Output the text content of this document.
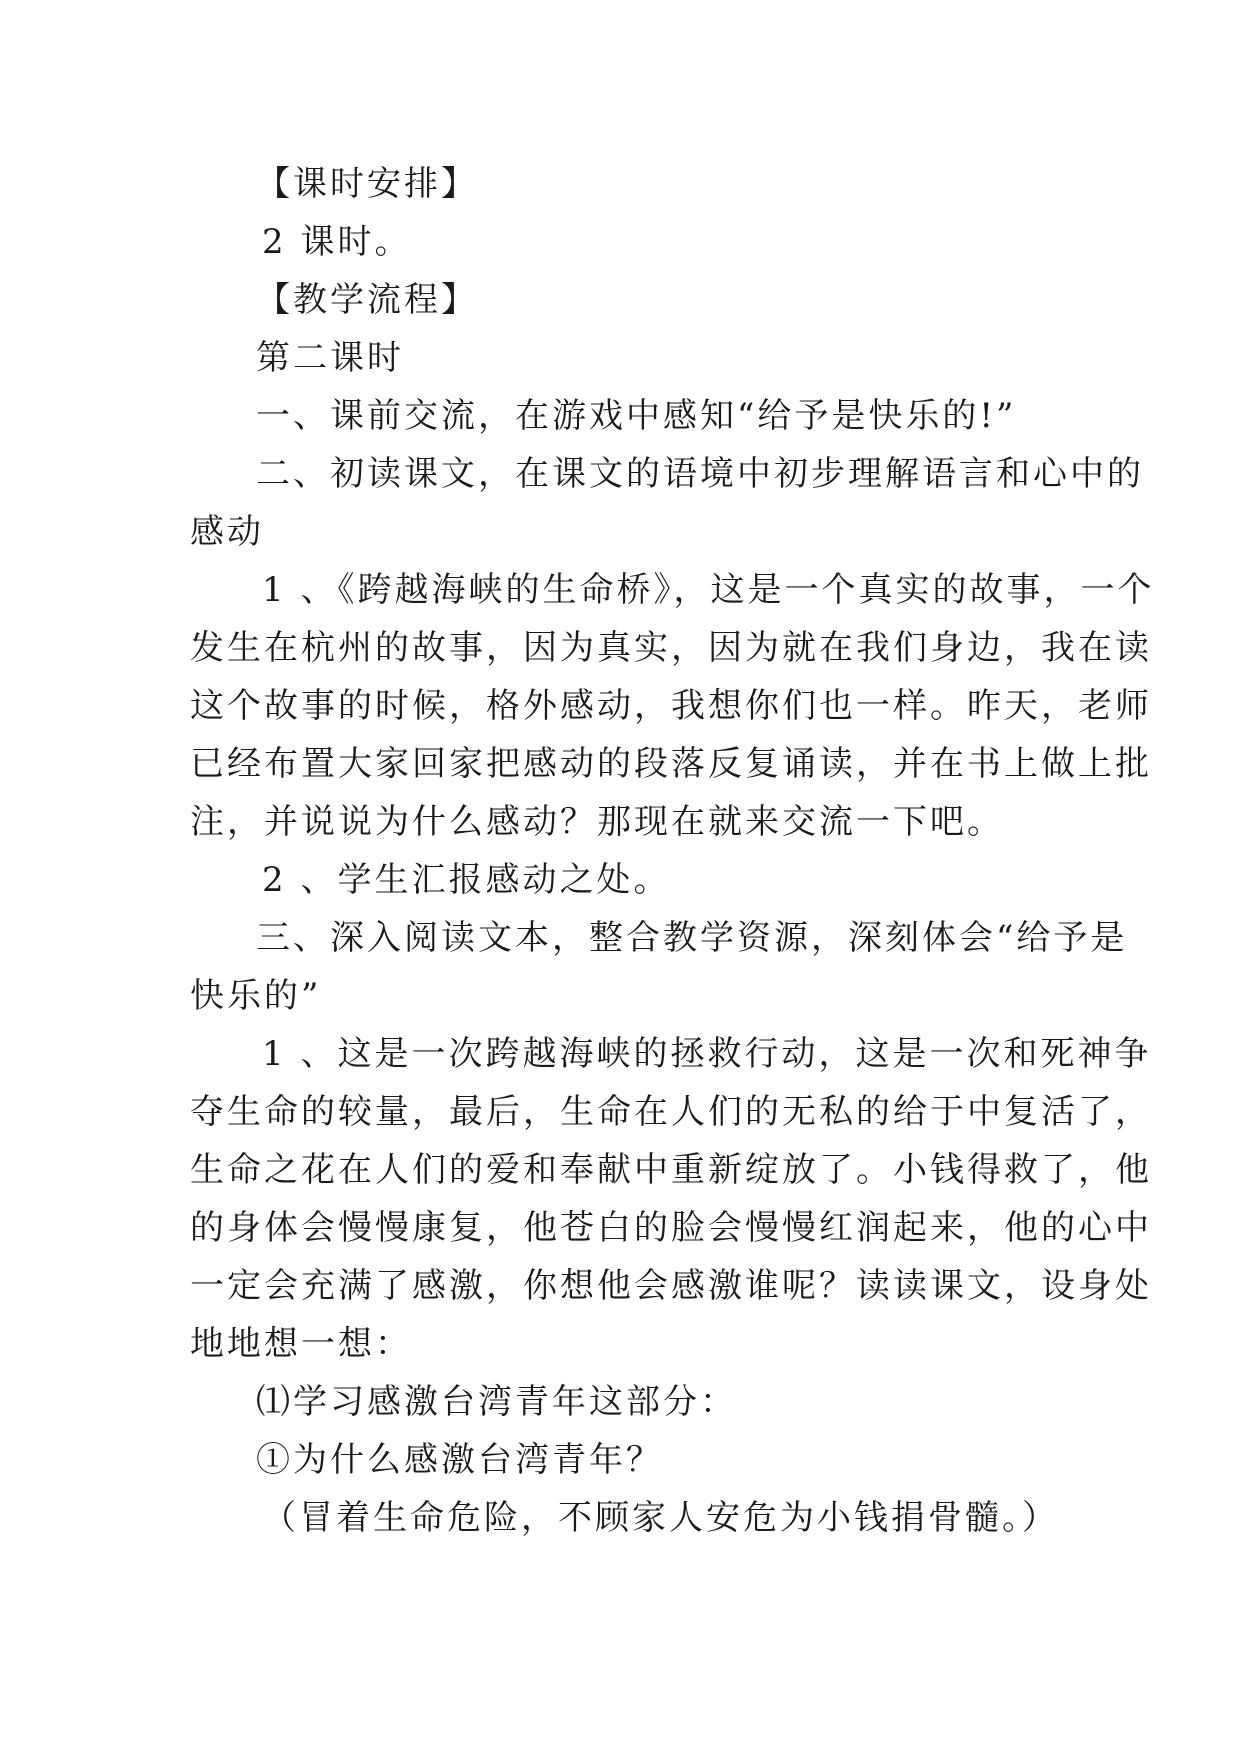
【课时安排】
2 课时。
【教学流程】
第二课时
一、课前交流，在游戏中感知“给予是快乐的!”
二、初读课文，在课文的语境中初步理解语言和心中的
感动
1 、《跨越海峡的生命桥》，这是一个真实的故事，一个
发生在杭州的故事，因为真实，因为就在我们身边，我在读
这个故事的时候，格外感动，我想你们也一样。昨天，老师
已经布置大家回家把感动的段落反复诵读，并在书上做上批
注，并说说为什么感动？那现在就来交流一下吧。
2 、学生汇报感动之处。
三、深入阅读文本，整合教学资源，深刻体会“给予是
快乐的”
1 、这是一次跨越海峡的拯救行动，这是一次和死神争
夺生命的较量，最后，生命在人们的无私的给于中复活了，
生命之花在人们的爱和奉献中重新绽放了。小钱得救了，他
的身体会慢慢康复，他苍白的脸会慢慢红润起来，他的心中
一定会充满了感激，你想他会感激谁呢？读读课文，设身处
地地想一想：
⑴学习感激台湾青年这部分：
①为什么感激台湾青年？
（冒着生命危险，不顾家人安危为小钱捐骨髓。）
